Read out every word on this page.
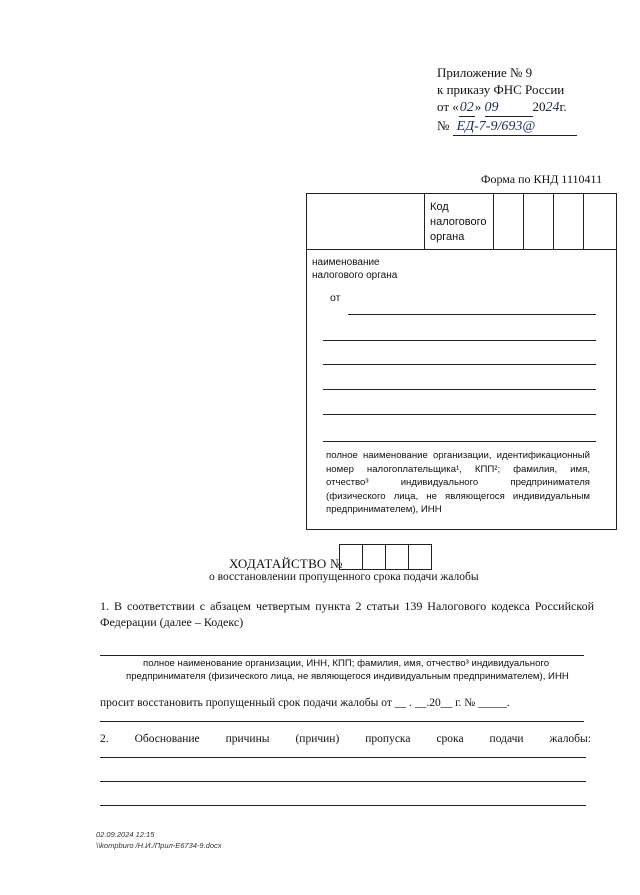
Приложение № 9
к приказу ФНС России
от «02» 09	2024г.
№ ЕД-7-9/693@
Форма по КНД 1110411
Код налогового органа
наименование налогового органа
от
полное наименование организации, идентификационный номер налогоплательщика¹, КПП²; фамилия, имя, отчество³ индивидуального предпринимателя (физического лица, не являющегося индивидуальным предпринимателем), ИНН
ХОДАТАЙСТВО №
о восстановлении пропущенного срока подачи жалобы
1. В соответствии с абзацем четвертым пункта 2 статьи 139 Налогового кодекса Российской Федерации (далее – Кодекс)
полное наименование организации, ИНН, КПП; фамилия, имя, отчество³ индивидуального
предпринимателя (физического лица, не являющегося индивидуальным предпринимателем), ИНН
просит восстановить пропущенный срок подачи жалобы от __ . __.20__ г. № _____.
2. Обоснование причины (причин) пропуска срока подачи жалобы:
02.09.2024 12:15
\\kompburo /Н.И./Прил-E6734-9.docx
